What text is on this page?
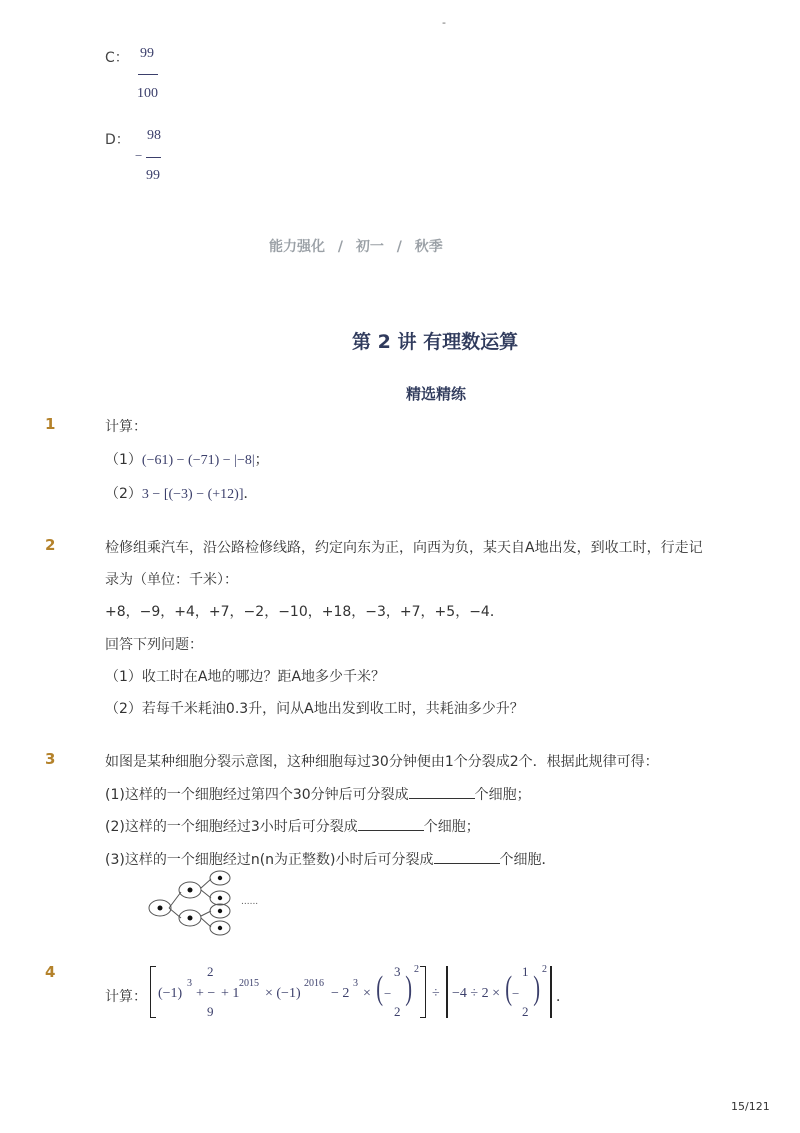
-
C： 99
100
D： 98
−
99
能力强化 / 初一 / 秋季
第 2 讲 有理数运算
精选精练
1	计算：
（1）(−61) − (−71) − |−8|；
（2）3 − [(−3) − (+12)]．
2	检修组乘汽车，沿公路检修线路，约定向东为正，向西为负，某天自A地出发，到收工时，行走记
录为（单位：千米）：
+8，−9，+4，+7，−2，−10，+18，−3，+7，+5，−4．
回答下列问题：
（1）收工时在A地的哪边？距A地多少千米？
（2）若每千米耗油0.3升，问从A地出发到收工时，共耗油多少升？
3	如图是某种细胞分裂示意图，这种细胞每过30分钟便由1个分裂成2个．根据此规律可得：
(1)这样的一个细胞经过第四个30分钟后可分裂成	个细胞；
(2)这样的一个细胞经过3小时后可分裂成	个细胞；
(3)这样的一个细胞经过n(n为正整数)小时后可分裂成	个细胞．
......
4
计算： (−1)
3
+ −
2
9
+ 1
2015
× (−1)
2016
− 2
3
× ( −
3
2
)
2
÷ −4 ÷ 2 × ( −
1
2
)
2
．
15/121
